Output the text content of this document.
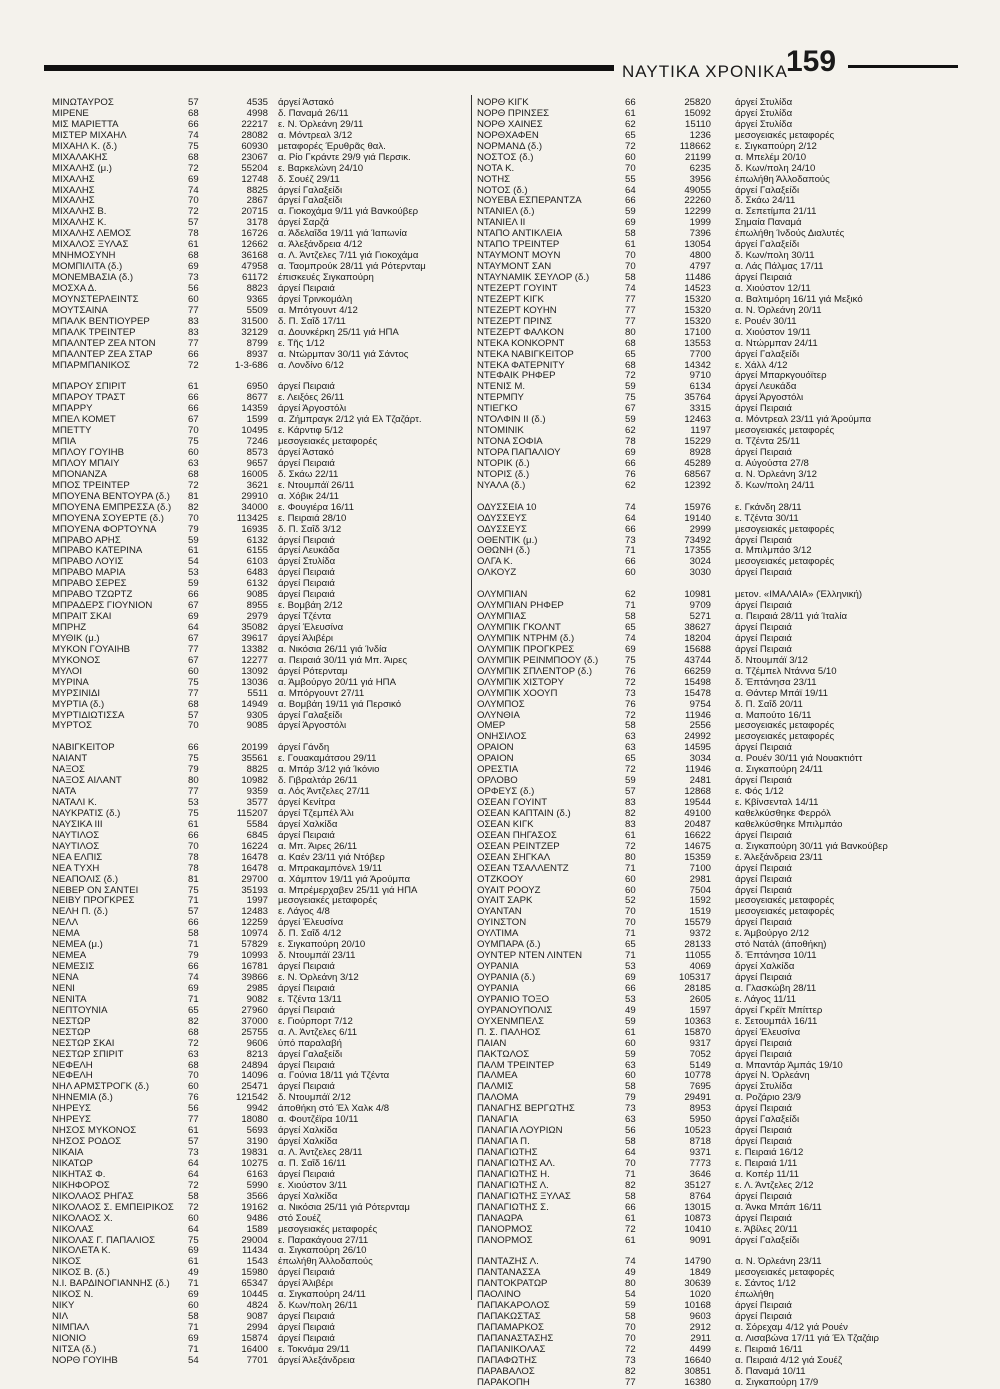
ΝΑΥΤΙΚΑ ΧΡΟΝΙΚΑ
159
ΜΙΝΩΤΑΥΡΟΣ	57	4535 άργεί Άστακό
ΜΙΡΕΝΕ	68	4998 δ. Παναμά 26/11
ΜΙΣ ΜΑΡΙΕΤΤΑ	66	22217 ε. Ν. Όρλεάνη 29/11
ΜΙΣΤΕΡ ΜΙΧΑΗΛ	74	28082 α. Μόντρεαλ 3/12
ΜΙΧΑΗΛ Κ. (δ.)	75	60930 μεταφορές Έρυθρᾶς θαλ.
ΜΙΧΑΛΑΚΗΣ	68	23067 α. Ρίο Γκράντε 29/9 γιά Περσικ.
ΜΙΧΑΛΗΣ (μ.)	72	55204 ε. Βαρκελώνη 24/10
ΜΙΧΑΛΗΣ	69	12748 δ. Σουέζ 29/11
ΜΙΧΑΛΗΣ	74	8825 άργεί Γαλαξείδι
ΜΙΧΑΛΗΣ	70	2867 άργεί Γαλαξείδι
ΜΙΧΑΛΗΣ Β.	72	20715 α. Γιοκοχάμα 9/11 γιά Βανκούβερ
ΜΙΧΑΛΗΣ Κ.	57	3178 άργεί Σαρζά
ΜΙΧΑΛΗΣ ΛΕΜΟΣ	78	16726 α. Άδελαΐδα 19/11 γιά Ίαπωνία
ΜΙΧΑΛΟΣ ΞΥΛΑΣ	61	12662 α. Άλεξάνδρεια 4/12
ΜΝΗΜΟΣΥΝΗ	68	36168 α. Λ. Άντζελες 7/11 γιά Γιοκοχάμα
ΜΟΜΠΙΛΙΤΑ (δ.)	69	47958 α. Ταομπρούκ 28/11 γιά Ρότερνταμ
ΜΟΝΕΜΒΑΣΙΑ (δ.)	73	61172 έπισκευές Σιγκαπούρη
ΜΟΣΧΑ Δ.	56	8823 άργεί Πειραιά
ΜΟΥΝΣΤΕΡΛΕΪΝΤΣ	60	9365 άργεί Τρινκομάλη
ΜΟΥΤΣΑΙΝΑ	77	5509 α. Μπότγουντ 4/12
ΜΠΑΛΚ ΒΕΝΤΙΟΥΡΕΡ	83	31500 δ. Π. Σαΐδ 17/11
ΜΠΑΛΚ ΤΡΕΪΝΤΕΡ	83	32129 α. Δουνκέρκη 25/11 γιά ΗΠΑ
ΜΠΑΛΝΤΕΡ ΖΕΑ ΝΤΟΝ	77	8799 ε. Τῆς 1/12
ΜΠΑΛΝΤΕΡ ΖΕΑ ΣΤΑΡ	66	8937 α. Ντώρμπαν 30/11 γιά Σάντος
ΜΠΑΡΜΠΑΝΙΚΟΣ	72	1-3-686 α. Λονδίνο 6/12
ΜΠΑΡΟΥ ΣΠΙΡΙΤ	61	6950 άργεί Πειραιά
ΜΠΑΡΟΥ ΤΡΑΣΤ	66	8677 ε. Λειξόες 26/11
ΜΠΑΡΡΥ	66	14359 άργεί Άργοστόλι
ΜΠΕΛ ΚΟΜΕΤ	67	1599 α. Ζήμπραγκ 2/12 γιά Ελ Τζαζάρτ.
ΜΠΕΤΤΥ	70	10495 ε. Κάρντιφ 5/12
ΜΠΙΑ	75	7246 μεσογειακές μεταφορές
ΜΠΛΟΥ ΓΟΥΙΗΒ	60	8573 άργεί Άστακό
ΜΠΛΟΥ ΜΠΑΪΥ	63	9657 άργεί Πειραιά
ΜΠΟΝΑΝΖΑ	68	16005 δ. Σκάω 22/11
ΜΠΟΣ ΤΡΕΪΝΤΕΡ	72	3621 ε. Ντουμπάϊ 26/11
ΜΠΟΥΕΝΑ ΒΕΝΤΟΥΡΑ (δ.)	81	29910 α. Χόβικ 24/11
ΜΠΟΥΕΝΑ ΕΜΠΡΕΣΣΑ (δ.)	82	34000 ε. Φουγιέρα 16/11
ΜΠΟΥΕΝΑ ΣΟΥΕΡΤΕ (δ.)	70	113425 ε. Πειραιά 28/10
ΜΠΟΥΕΝΑ ΦΟΡΤΟΥΝΑ	79	16935 δ. Π. Σαΐδ 3/12
ΜΠΡΑΒΟ ΑΡΗΣ	59	6132 άργεί Πειραιά
ΜΠΡΑΒΟ ΚΑΤΕΡΙΝΑ	61	6155 άργεί Λευκάδα
ΜΠΡΑΒΟ ΛΟΥΪΣ	54	6103 άργεί Στυλίδα
ΜΠΡΑΒΟ ΜΑΡΙΑ	53	6483 άργεί Πειραιά
ΜΠΡΑΒΟ ΣΕΡΕΣ	59	6132 άργεί Πειραιά
ΜΠΡΑΒΟ ΤΖΩΡΤΖ	66	9085 άργεί Πειραιά
ΜΠΡΑΔΕΡΣ ΓΙΟΥΝΙΟΝ	67	8955 ε. Βομβάη 2/12
ΜΠΡΑΪΤ ΣΚΑΪ	69	2979 άργεί Τζέντα
ΜΠΡΗΖ	64	35082 άργεί Έλευσίνα
ΜΥΘΙΚ (μ.)	67	39617 άργεί Άλιβέρι
ΜΥΚΟΝ ΓΟΥΑΙΗΒ	77	13382 α. Νικόσια 26/11 γιά Ίνδία
ΜΥΚΟΝΟΣ	67	12277 α. Πειραιά 30/11 γιά Μπ. Άιρες
ΜΥΛΟΙ	60	13092 άργεί Ρότερνταμ
ΜΥΡΙΝΑ	75	13036 α. Άμβούργο 20/11 γιά ΗΠΑ
ΜΥΡΣΙΝΙΔΙ	77	5511 α. Μπόργουντ 27/11
ΜΥΡΤΙΑ (δ.)	68	14949 α. Βομβάη 19/11 γιά Περσικό
ΜΥΡΤΙΔΙΩΤΙΣΣΑ	57	9305 άργεί Γαλαξείδι
ΜΥΡΤΟΣ	70	9085 άργεί Άργοστόλι
ΝΑΒΙΓΚΕΪΤΟΡ	66	20199 άργεί Γάνδη
ΝΑΪΑΝΤ	75	35561 ε. Γουακαμάτσου 29/11
ΝΑΞΟΣ	79	8825 α. Μπάρ 3/12 γιά Ίκόνιο
ΝΑΞΟΣ ΑΪΛΑΝΤ	80	10982 δ. Γιβραλτάρ 26/11
ΝΑΤΑ	77	9359 α. Λός Άντζελες 27/11
ΝΑΤΑΛΙ Κ.	53	3577 άργεί Κενίτρα
ΝΑΥΚΡΑΤΙΣ (δ.)	75	115207 άργεί Τζεμπέλ Άλι
ΝΑΥΣΙΚΑ ΙΙΙ	61	5584 άργεί Χαλκίδα
ΝΑΥΤΙΛΟΣ	66	6845 άργεί Πειραιά
ΝΑΥΤΙΛΟΣ	70	16224 α. Μπ. Άιρες 26/11
ΝΕΑ ΕΛΠΙΣ	78	16478 α. Καέν 23/11 γιά Ντόβερ
ΝΕΑ ΤΥΧΗ	78	16478 α. Μπρακαμπόνελ 19/11
ΝΕΑΠΟΛΙΣ (δ.)	81	29700 α. Χάμπτον 19/11 γιά Άρούμπα
ΝΕΒΕΡ ΟΝ ΣΑΝΤΕΪ	75	35193 α. Μπρέμερχαβεν 25/11 γιά ΗΠΑ
ΝΕΪΒΥ ΠΡΟΓΚΡΕΣ	71	1997 μεσογειακές μεταφορές
ΝΕΛΗ Π. (δ.)	57	12483 ε. Λάγος 4/8
ΝΕΛΛ	66	12259 άργεί Έλευσίνα
ΝΕΜΑ	58	10974 δ. Π. Σαΐδ 4/12
ΝΕΜΕΑ (μ.)	71	57829 ε. Σιγκαπούρη 20/10
ΝΕΜΕΑ	79	10993 δ. Ντουμπάϊ 23/11
ΝΕΜΕΣΙΣ	66	16781 άργεί Πειραιά
ΝΕΝΑ	74	39866 ε. Ν. Όρλεάνη 3/12
ΝΕΝΙ	69	2985 άργεί Πειραιά
ΝΕΝΙΤΑ	71	9082 ε. Τζέντα 13/11
ΝΕΠΤΟΥΝΙΑ	65	27960 άργεί Πειραιά
ΝΕΣΤΩΡ	82	37000 ε. Γιούρπορτ 7/12
ΝΕΣΤΩΡ	68	25755 α. Λ. Άντζελες 6/11
ΝΕΣΤΩΡ ΣΚΑΪ	72	9606 ύπό παραλαβή
ΝΕΣΤΩΡ ΣΠΙΡΙΤ	63	8213 άργεί Γαλαξείδι
ΝΕΦΕΛΗ	68	24894 άργεί Πειραιά
ΝΕΦΕΛΗ	70	14096 α. Γούνια 18/11 γιά Τζέντα
ΝΗΛ ΑΡΜΣΤΡΟΓΚ (δ.)	60	25471 άργεί Πειραιά
ΝΗΝΕΜΙΑ (δ.)	76	121542 δ. Ντουμπάϊ 2/12
ΝΗΡΕΥΣ	56	9942 άποθήκη στό Έλ Χαλκ 4/8
ΝΗΡΕΥΣ	77	18080 α. Φουτζέϊρα 10/11
ΝΗΣΟΣ ΜΥΚΟΝΟΣ	61	5693 άργεί Χαλκίδα
ΝΗΣΟΣ ΡΟΔΟΣ	57	3190 άργεί Χαλκίδα
ΝΙΚΑΙΑ	73	19831 α. Λ. Άντζελες 28/11
ΝΙΚΑΤΩΡ	64	10275 α. Π. Σαΐδ 16/11
ΝΙΚΗΤΑΣ Φ.	64	6163 άργεί Πειραιά
ΝΙΚΗΦΟΡΟΣ	72	5990 ε. Χιούστον 3/11
ΝΙΚΟΛΑΟΣ ΡΗΓΑΣ	58	3566 άργεί Χαλκίδα
ΝΙΚΟΛΑΟΣ Σ. ΕΜΠΕΙΡΙΚΟΣ	72	19162 α. Νικόσια 25/11 γιά Ρότερνταμ
ΝΙΚΟΛΑΟΣ Χ.	60	9486 στό Σουέζ
ΝΙΚΟΛΑΣ	64	1589 μεσογειακές μεταφορές
ΝΙΚΟΛΑΣ Γ. ΠΑΠΑΛΙΟΣ	75	29004 ε. Παρακάγουα 27/11
ΝΙΚΟΛΕΤΑ Κ.	69	11434 α. Σιγκαπούρη 26/10
ΝΙΚΟΣ	61	1543 έπωλήθη Άλλοδαπούς
ΝΙΚΟΣ Β. (δ.)	49	15980 άργεί Πειραιά
Ν.Ι. ΒΑΡΔΙΝΟΓΙΑΝΝΗΣ (δ.)	71	65347 άργεί Άλιβέρι
ΝΙΚΟΣ Ν.	69	10445 α. Σιγκαπούρη 24/11
ΝΙΚΥ	60	4824 δ. Κων/πολη 26/11
ΝΙΛ	58	9087 άργεί Πειραιά
ΝΙΜΠΑΛ	71	2994 άργεί Πειραιά
ΝΙΟΝΙΟ	69	15874 άργεί Πειραιά
ΝΙΤΣΑ (δ.)	71	16400 ε. Τοκνάμα 29/11
ΝΟΡΘ ΓΟΥΙΗΒ	54	7701 άργεί Άλεξάνδρεια
ΝΟΡΘ ΚΙΓΚ	66	25820	άργεί Στυλίδα
ΝΟΡΘ ΠΡΙΝΣΕΣ	61	15092	άργεί Στυλίδα
ΝΟΡΘ ΧΑΪΝΕΣ	62	15110	άργεί Στυλίδα
ΝΟΡΘΧΑΦΕΝ	65	1236	μεσογειακές μεταφορές
ΝΟΡΜΑΝΔ (δ.)	72	118662	ε. Σιγκαπούρη 2/12
ΝΟΣΤΟΣ (δ.)	60	21199	α. Μπελέμ 20/10
ΝΟΤΑ Κ.	70	6235	δ. Κων/πολη 24/10
ΝΟΤΗΣ	55	3956	έπωλήθη Άλλοδαπούς
ΝΟΤΟΣ (δ.)	64	49055	άργεί Γαλαξείδι
ΝΟΥΕΒΑ ΕΣΠΕΡΑΝΤΖΑ	66	22260	δ. Σκάω 24/11
ΝΤΑΝΙΕΛ (δ.)	59	12299	α. Σεπετίμπα 21/11
ΝΤΑΝΙΕΛ ΙΙ	69	1999	Σημαία Παναμά
ΝΤΑΠΟ ΑΝΤΙΚΛΕΙΑ	58	7396	έπωλήθη Ίνδούς Διαλυτές
ΝΤΑΠΟ ΤΡΕΪΝΤΕΡ	61	13054	άργεί Γαλαξείδι
ΝΤΑΫΜΟΝΤ ΜΟΥΝ	70	4800	δ. Κων/πολη 30/11
ΝΤΑΫΜΟΝΤ ΣΑΝ	70	4797	α. Λάς Πάλμας 17/11
ΝΤΑΫΝΑΜΙΚ ΣΕΫΛΟΡ (δ.)	58	11486	άργεί Πειραιά
ΝΤΕΖΕΡΤ ΓΟΥΪΝΤ	74	14523	α. Χιούστον 12/11
ΝΤΕΖΕΡΤ ΚΙΓΚ	77	15320	α. Βαλτιμόρη 16/11 γιά Μεξικό
ΝΤΕΖΕΡΤ ΚΟΥΗΝ	77	15320	α. Ν. Όρλεάνη 20/11
ΝΤΕΖΕΡΤ ΠΡΙΝΣ	77	15320	ε. Ρουέν 30/11
ΝΤΕΖΕΡΤ ΦΑΛΚΟΝ	80	17100	α. Χιούστον 19/11
ΝΤΕΚΑ ΚΟΝΚΟΡΝΤ	68	13553	α. Ντώρμπαν 24/11
ΝΤΕΚΑ ΝΑΒΙΓΚΕΪΤΟΡ	65	7700	άργεί Γαλαξείδι
ΝΤΕΚΑ ΦΑΤΕΡΝΙΤΥ	68	14342	ε. Χάλλ 4/12
ΝΤΕΦΑΪΚ ΡΗΦΕΡ	72	9710	άργεί Μπαρκγουόϊτερ
ΝΤΕΝΙΣ Μ.	59	6134	άργεί Λευκάδα
ΝΤΕΡΜΠΥ	75	35764	άργεί Άργοστόλι
ΝΤΙΕΓΚΟ	67	3315	άργεί Πειραιά
ΝΤΟΛΦΙΝ ΙΙ (δ.)	59	12463	α. Μόντρεαλ 23/11 γιά Άρούμπα
ΝΤΟΜΙΝΙΚ	62	1197	μεσογειακές μεταφορές
ΝΤΟΝΑ ΣΟΦΙΑ	78	15229	α. Τζέντα 25/11
ΝΤΟΡΑ ΠΑΠΑΛΙΟΥ	69	8928	άργεί Πειραιά
ΝΤΟΡΙΚ (δ.)	66	45289	α. Αύγούστα 27/8
ΝΤΟΡΙΣ (δ.)	76	68567	α. Ν. Όρλεάνη 3/12
ΝΥΑΛΑ (δ.)	62	12392	δ. Κων/πολη 24/11
ΟΔΥΣΣΕΙΑ 10	74	15976	ε. Γκάνδη 28/11
ΟΔΥΣΣΕΥΣ	64	19140	ε. Τζέντα 30/11
ΟΔΥΣΣΕΥΣ	66	2999	μεσογειακές μεταφορές
ΟΘΕΝΤΙΚ (μ.)	73	73492	άργεί Πειραιά
ΟΘΩΝΗ (δ.)	71	17355	α. Μπιλμπάο 3/12
ΟΛΓΑ Κ.	66	3024	μεσογειακές μεταφορές
ΟΛΚΟΥΖ	60	3030	άργεί Πειραιά
ΟΛΥΜΠΙΑΝ	62	10981	μετον. «ΙΜΑΛΑΙΑ» (Έλληνική)
ΟΛΥΜΠΙΑΝ ΡΗΦΕΡ	71	9709	άργεί Πειραιά
ΟΛΥΜΠΙΑΣ	58	5271	α. Πειραιά 28/11 γιά Ίταλία
ΟΛΥΜΠΙΚ ΓΚΟΛΝΤ	65	38627	άργεί Πειραιά
ΟΛΥΜΠΙΚ ΝΤΡΗΜ (δ.)	74	18204	άργεί Πειραιά
ΟΛΥΜΠΙΚ ΠΡΟΓΚΡΕΣ	69	15688	άργεί Πειραιά
ΟΛΥΜΠΙΚ ΡΕΪΝΜΠΟΟΥ (δ.)	75	43744	δ. Ντουμπάϊ 3/12
ΟΛΥΜΠΙΚ ΣΠΛΕΝΤΟΡ (δ.)	76	66259	α. Τζέμπελ Ντάννα 5/10
ΟΛΥΜΠΙΚ ΧΙΣΤΟΡΥ	72	15498	δ. Έπτάνησα 23/11
ΟΛΥΜΠΙΚ ΧΟΟΥΠ	73	15478	α. Θάντερ Μπάϊ 19/11
ΟΛΥΜΠΟΣ	76	9754	δ. Π. Σαΐδ 20/11
ΟΛΥΝΘΙΑ	72	11946	α. Μαπούτο 16/11
ΟΜΕΡ	58	2556	μεσογειακές μεταφορές
ΟΝΗΣΙΛΟΣ	63	24992	μεσογειακές μεταφορές
ΟΡΑΪΟΝ	63	14595	άργεί Πειραιά
ΟΡΑΪΟΝ	65	3034	α. Ρουέν 30/11 γιά Νουακτιόττ
ΟΡΕΣΤΙΑ	72	11946	α. Σιγκαπούρη 24/11
ΟΡΛΟΒΟ	59	2481	άργεί Πειραιά
ΟΡΦΕΥΣ (δ.)	57	12868	ε. Φός 1/12
ΟΣΕΑΝ ΓΟΥΪΝΤ	83	19544	ε. Κβίνσενταλ 14/11
ΟΣΕΑΝ ΚΑΠΤΑΙΝ (δ.)	82	49100	καθελκύσθηκε Φερρόλ
ΟΣΕΑΝ ΚΙΓΚ	83	20487	καθελκύσθηκε Μπιλμπάο
ΟΣΕΑΝ ΠΗΓΑΣΟΣ	61	16622	άργεί Πειραιά
ΟΣΕΑΝ ΡΕΪΝΤΖΕΡ	72	14675	α. Σιγκαπούρη 30/11 γιά Βανκούβερ
ΟΣΕΑΝ ΣΗΓΚΑΛ	80	15359	ε. Άλεξάνδρεια 23/11
ΟΣΕΑΝ ΤΣΑΛΛΕΝΤΖ	71	7100	άργεί Πειραιά
ΟΤΖΚΟΟΥ	60	2981	άργεί Πειραιά
ΟΥΑΪΤ ΡΟΟΥΖ	60	7504	άργεί Πειραιά
ΟΥΑΪΤ ΣΑΡΚ	52	1592	μεσογειακές μεταφορές
ΟΥΑΝΤΑΝ	70	1519	μεσογειακές μεταφορές
ΟΥΪΝΣΤΟΝ	70	15579	άργεί Πειραιά
ΟΥΛΤΙΜΑ	71	9372	ε. Άμβούργο 2/12
ΟΥΜΠΑΡΑ (δ.)	65	28133	στό Νατάλ (άποθήκη)
ΟΥΝΤΕΡ ΝΤΕΝ ΛΙΝΤΕΝ	71	11055	δ. Έπτάνησα 10/11
ΟΥΡΑΝΙΑ	53	4069	άργεί Χαλκίδα
ΟΥΡΑΝΙΑ (δ.)	69	105317	άργεί Πειραιά
ΟΥΡΑΝΙΑ	66	28185	α. Γλασκώβη 28/11
ΟΥΡΑΝΙΟ ΤΟΞΟ	53	2605	ε. Λάγος 11/11
ΟΥΡΑΝΟΥΠΟΛΙΣ	49	1597	άργεί Γκρέϊτ Μπίττερ
ΟΥΧΕΝΜΠΕΛΣ	59	10363	ε. Σετουμπάλ 16/11
Π. Σ. ΠΑΛΗΟΣ	61	15870	άργεί Έλευσίνα
ΠΑΙΑΝ	60	9317	άργεί Πειραιά
ΠΑΚΤΩΛΟΣ	59	7052	άργεί Πειραιά
ΠΑΛΜ ΤΡΕΪΝΤΕΡ	63	5149	α. Μπαντάρ Άμπάς 19/10
ΠΑΛΜΕΑ	60	10778	άργεί Ν. Όρλεάνη
ΠΑΛΜΙΣ	58	7695	άργεί Στυλίδα
ΠΑΛΟΜΑ	79	29491	α. Ροζάριο 23/9
ΠΑΝΑΓΗΣ ΒΕΡΓΩΤΗΣ	73	8953	άργεί Πειραιά
ΠΑΝΑΓΙΑ	63	5950	άργεί Γαλαξείδι
ΠΑΝΑΓΙΑ ΛΟΥΡΙΩΝ	56	10523	άργεί Πειραιά
ΠΑΝΑΓΙΑ Π.	58	8718	άργεί Πειραιά
ΠΑΝΑΓΙΩΤΗΣ	64	9371	ε. Πειραιά 16/12
ΠΑΝΑΓΙΩΤΗΣ ΑΛ.	70	7773	ε. Πειραιά 1/11
ΠΑΝΑΓΙΩΤΗΣ Η.	71	3646	α. Κοπέρ 11/11
ΠΑΝΑΓΙΩΤΗΣ Λ.	82	35127	ε. Λ. Άντζελες 2/12
ΠΑΝΑΓΙΩΤΗΣ ΞΥΛΑΣ	58	8764	άργεί Πειραιά
ΠΑΝΑΓΙΩΤΗΣ Σ.	66	13015	α. Άνκα Μπάπ 16/11
ΠΑΝΑΩΡΑ	61	10873	άργεί Πειραιά
ΠΑΝΟΡΜΟΣ	72	10410	ε. Άβίλες 20/11
ΠΑΝΟΡΜΟΣ	61	9091	άργεί Γαλαξείδι
ΠΑΝΤΑΖΗΣ Λ.	74	14790	α. Ν. Όρλεάνη 23/11
ΠΑΝΤΑΝΑΣΣΑ	49	1849	μεσογειακές μεταφορές
ΠΑΝΤΟΚΡΑΤΩΡ	80	30639	ε. Σάντος 1/12
ΠΑΟΛΙΝΟ	54	1020	έπωλήθη
ΠΑΠΑΚΑΡΟΛΟΣ	59	10168	άργεί Πειραιά
ΠΑΠΑΚΩΣΤΑΣ	58	9603	άργεί Πειραιά
ΠΑΠΑΜΑΡΚΟΣ	70	2912	α. Σόρεχαμ 4/12 γιά Ρουέν
ΠΑΠΑΝΑΣΤΑΣΗΣ	70	2911	α. Λισαβώνα 17/11 γιά Έλ Τζαζάιρ
ΠΑΠΑΝΙΚΟΛΑΣ	72	4499	ε. Πειραιά 16/11
ΠΑΠΑΦΩΤΗΣ	73	16640	α. Πειραιά 4/12 γιά Σουέζ
ΠΑΡΑΒΑΛΟΣ	82	30851	δ. Παναμά 10/11
ΠΑΡΑΚΟΠΗ	77	16380	α. Σιγκαπούρη 17/9
